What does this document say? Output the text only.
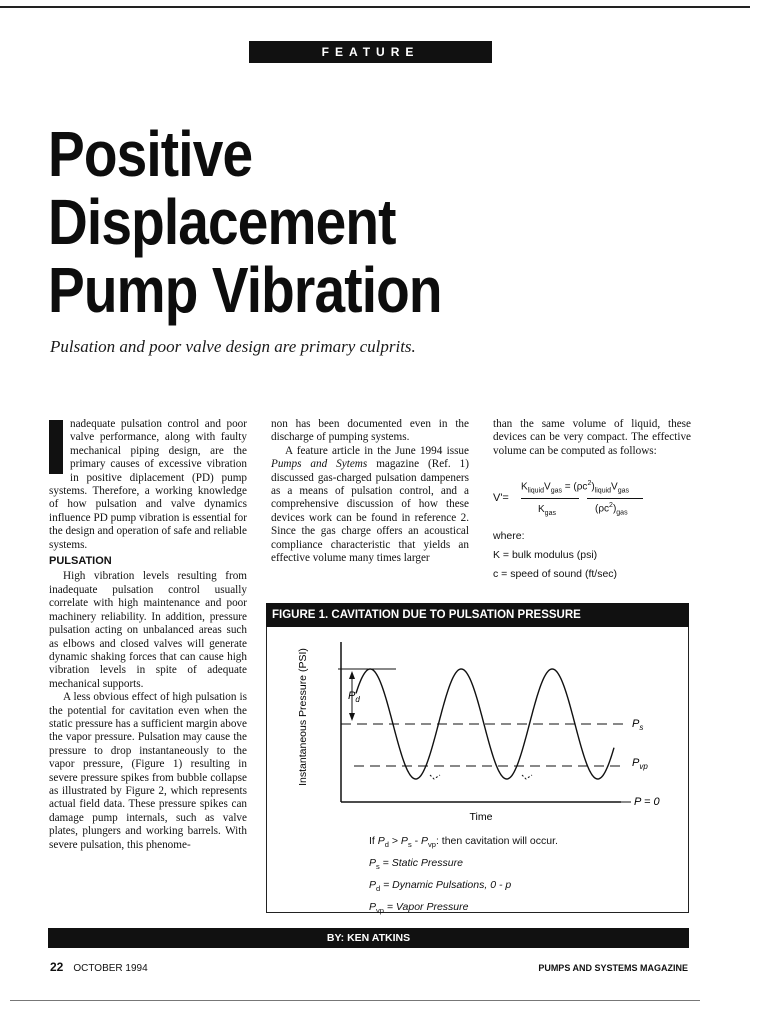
FEATURE
Positive
Displacement
Pump Vibration
Pulsation and poor valve design are primary culprits.

nadequate pulsation control and poor valve performance, along with faulty mechanical piping design, are the primary causes of excessive vibration in positive diplacement (PD) pump systems. Therefore, a working knowledge of how pulsation and valve dynamics influence PD pump vibration is essential for the design and operation of safe and reliable systems.

PULSATION

High vibration levels resulting from inadequate pulsation control usually correlate with high maintenance and poor machinery reliability. In addition, pressure pulsation acting on unbalanced areas such as elbows and closed valves will generate dynamic shaking forces that can cause high vibration levels in spite of adequate mechanical supports.

A less obvious effect of high pulsation is the potential for cavitation even when the static pressure has a sufficient margin above the vapor pressure. Pulsation may cause the pressure to drop instantaneously to the vapor pressure, (Figure 1) resulting in severe pressure spikes from bubble collapse as illustrated by Figure 2, which represents actual field data. These pressure spikes can damage pump internals, such as valve plates, plungers and working barrels. With severe pulsation, this phenome-

non has been documented even in the discharge of pumping systems.

A feature article in the June 1994 issue Pumps and Sytems magazine (Ref. 1) discussed gas-charged pulsation dampeners as a means of pulsation control, and a comprehensive discussion of how these devices work can be found in reference 2. Since the gas charge offers an acoustical compliance characteristic that yields an effective volume many times larger

than the same volume of liquid, these devices can be very compact. The effective volume can be computed as follows:

V'=
$K_{liquid}V_{gas} = (\rho c^2)_{liquid}V_{gas}$
$K_{gas}$	$(\rho c^2)_{gas}$
where:
K = bulk modulus (psi)
c = speed of sound (ft/sec)
FIGURE 1. CAVITATION DUE TO PULSATION PRESSURE
Instantaneous Pressure (PSI)	$P_d$
$P_s$
$P_{vp}$
P = 0
Time
If $P_d > P_s - P_{vp}$: then cavitation will occur.
$P_s$ = Static Pressure
$P_d$ = Dynamic Pulsations, 0 - p
$P_{vp}$ = Vapor Pressure
BY: KEN ATKINS
22 OCTOBER 1994	PUMPS AND SYSTEMS MAGAZINE
